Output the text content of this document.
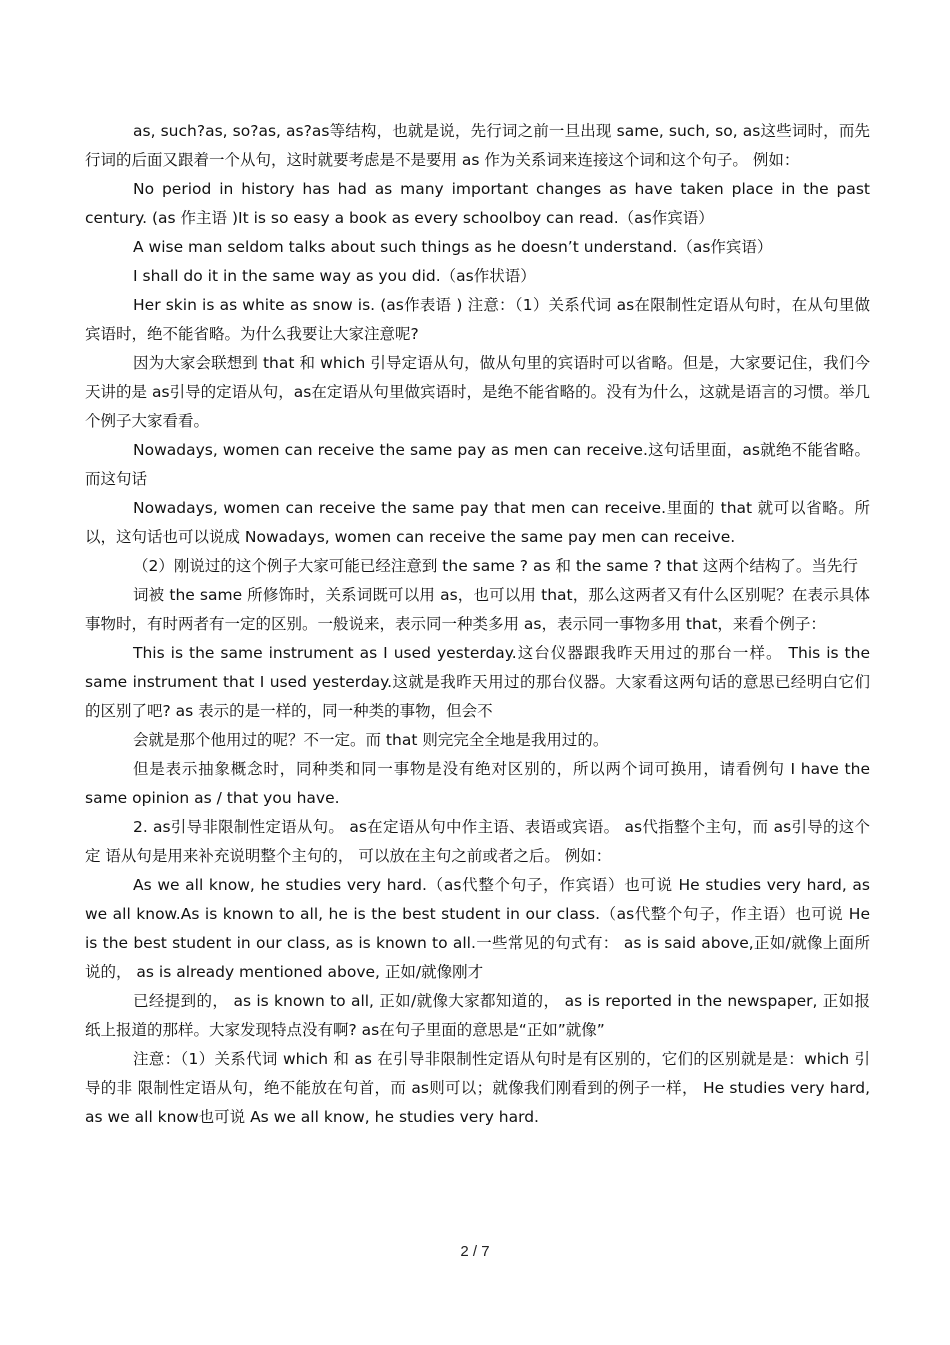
as, such?as, so?as, as?as等结构，也就是说，先行词之前一旦出现 same, such, so, as这些词时，而先行词的后面又跟着一个从句，这时就要考虑是不是要用 as 作为关系词来连接这个词和这个句子。 例如：

No period in history has had as many important changes as have taken place in the past century. (as 作主语 )It is so easy a book as every schoolboy can read.（as作宾语）

A wise man seldom talks about such things as he doesn’t understand.（as作宾语）

I shall do it in the same way as you did.（as作状语）

Her skin is as white as snow is. (as作表语 ) 注意：（1）关系代词 as在限制性定语从句时，在从句里做宾语时，绝不能省略。为什么我要让大家注意呢?

因为大家会联想到 that 和 which 引导定语从句，做从句里的宾语时可以省略。但是，大家要记住，我们今天讲的是 as引导的定语从句，as在定语从句里做宾语时，是绝不能省略的。没有为什么，这就是语言的习惯。举几个例子大家看看。

Nowadays, women can receive the same pay as men can receive.这句话里面，as就绝不能省略。 而这句话

Nowadays, women can receive the same pay that men can receive.里面的 that 就可以省略。所以，这句话也可以说成 Nowadays, women can receive the same pay men can receive.

（2）刚说过的这个例子大家可能已经注意到 the same ? as 和 the same ? that 这两个结构了。当先行

词被 the same 所修饰时，关系词既可以用 as，也可以用 that，那么这两者又有什么区别呢？在表示具体事物时，有时两者有一定的区别。一般说来，表示同一种类多用 as，表示同一事物多用 that，来看个例子：

This is the same instrument as I used yesterday.这台仪器跟我昨天用过的那台一样。 This is the same instrument that I used yesterday.这就是我昨天用过的那台仪器。大家看这两句话的意思已经明白它们的区别了吧? as 表示的是一样的，同一种类的事物，但会不

会就是那个他用过的呢？不一定。而 that 则完完全全地是我用过的。

但是表示抽象概念时，同种类和同一事物是没有绝对区别的，所以两个词可换用，请看例句 I have the same opinion as / that you have.

2. as引导非限制性定语从句。 as在定语从句中作主语、表语或宾语。 as代指整个主句，而 as引导的这个定 语从句是用来补充说明整个主句的， 可以放在主句之前或者之后。 例如：

As we all know, he studies very hard.（as代整个句子，作宾语）也可说 He studies very hard, as we all know.As is known to all, he is the best student in our class.（as代整个句子，作主语）也可说 He is the best student in our class, as is known to all.一些常见的句式有： as is said above,正如/就像上面所说的， as is already mentioned above, 正如/就像刚才

已经提到的， as is known to all, 正如/就像大家都知道的， as is reported in the newspaper, 正如报纸上报道的那样。大家发现特点没有啊? as在句子里面的意思是“正如”就像”

注意：（1）关系代词 which 和 as 在引导非限制性定语从句时是有区别的，它们的区别就是是：which 引导的非 限制性定语从句，绝不能放在句首，而 as则可以；就像我们刚看到的例子一样， He studies very hard, as we all know也可说 As we all know, he studies very hard.

2 / 7
